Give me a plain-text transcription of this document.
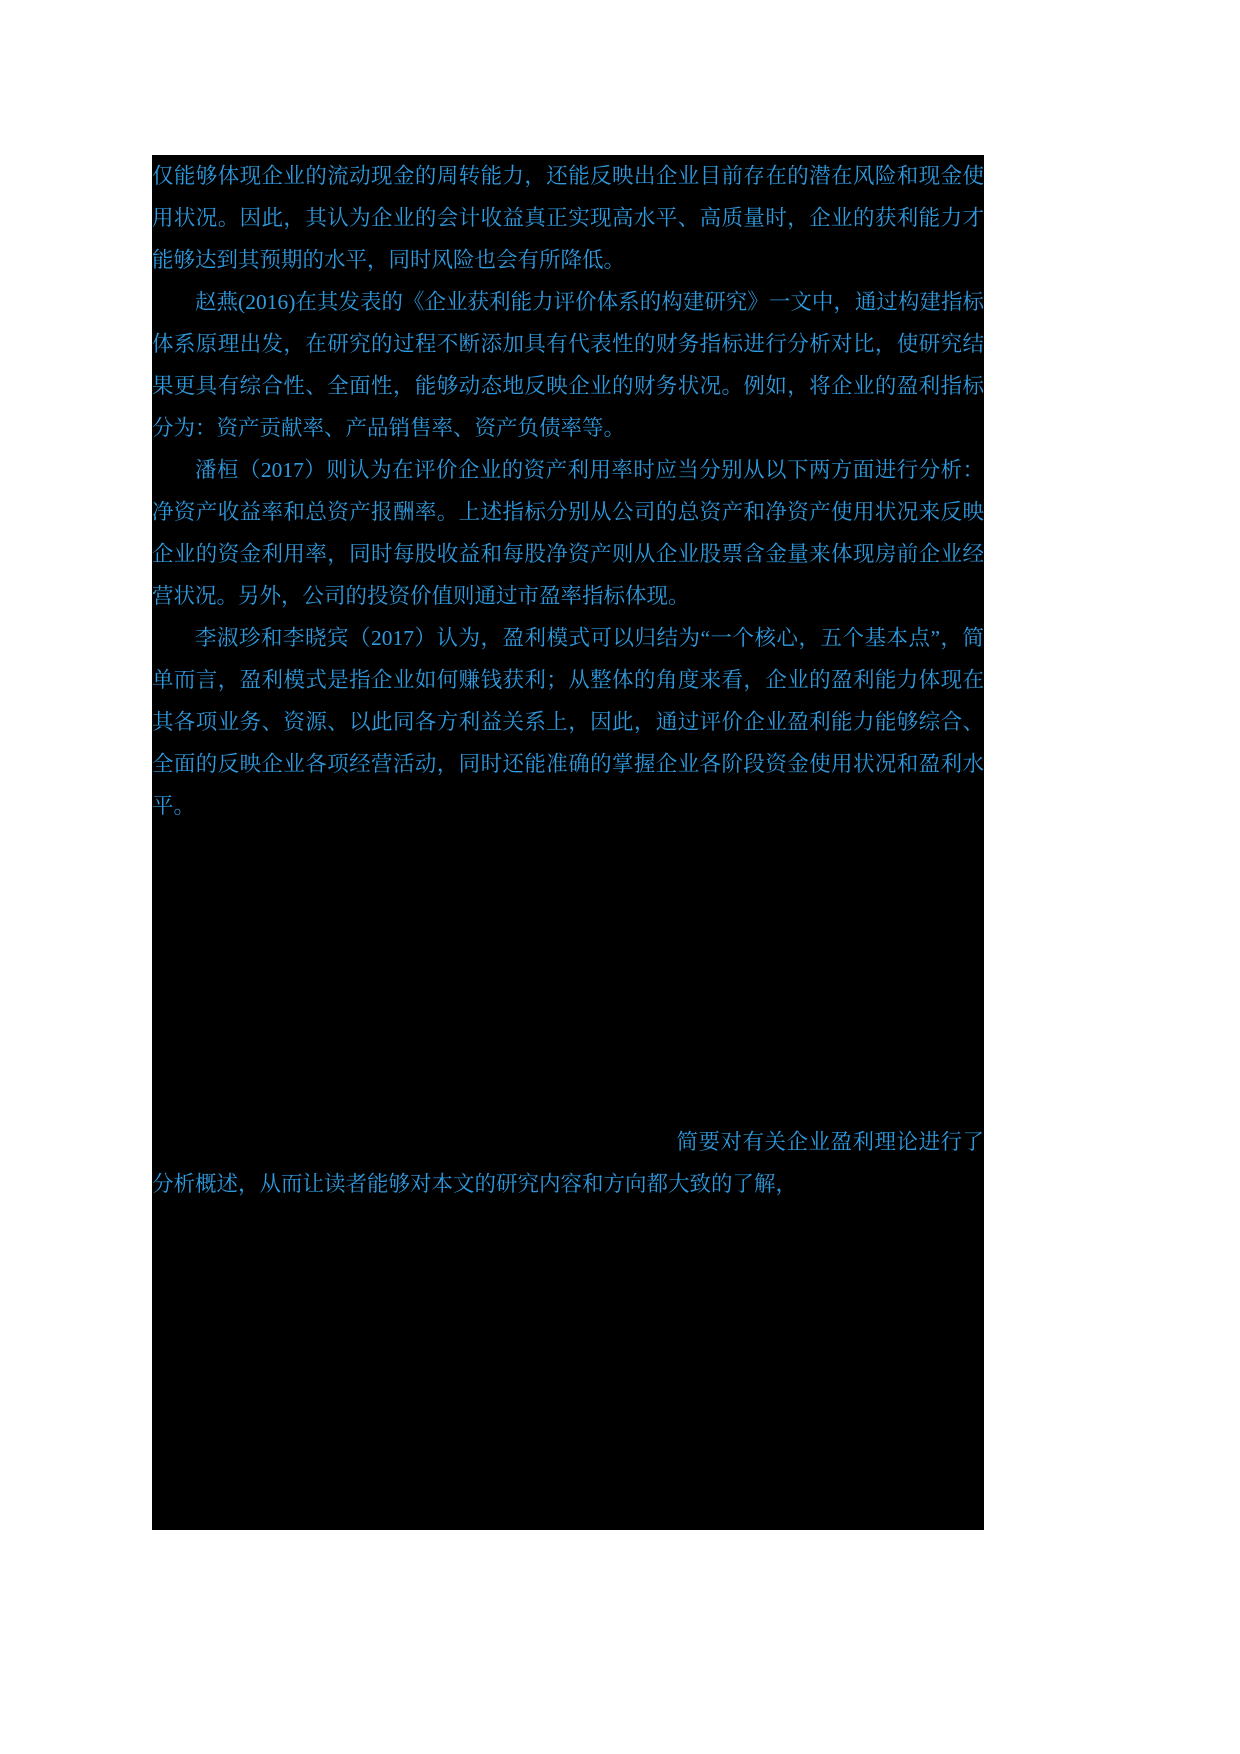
仅能够体现企业的流动现金的周转能力，还能反映出企业目前存在的潜在风险和现金使用状况。因此，其认为企业的会计收益真正实现高水平、高质量时，企业的获利能力才能够达到其预期的水平，同时风险也会有所降低。

赵燕(2016)在其发表的《企业获利能力评价体系的构建研究》一文中，通过构建指标体系原理出发，在研究的过程不断添加具有代表性的财务指标进行分析对比，使研究结果更具有综合性、全面性，能够动态地反映企业的财务状况。例如，将企业的盈利指标分为：资产贡献率、产品销售率、资产负债率等。

潘桓（2017）则认为在评价企业的资产利用率时应当分别从以下两方面进行分析：净资产收益率和总资产报酬率。上述指标分别从公司的总资产和净资产使用状况来反映企业的资金利用率，同时每股收益和每股净资产则从企业股票含金量来体现房前企业经营状况。另外，公司的投资价值则通过市盈率指标体现。

李淑珍和李晓宾（2017）认为，盈利模式可以归结为“一个核心，五个基本点”，简单而言，盈利模式是指企业如何赚钱获利；从整体的角度来看，企业的盈利能力体现在其各项业务、资源、以此同各方利益关系上，因此，通过评价企业盈利能力能够综合、全面的反映企业各项经营活动，同时还能准确的掌握企业各阶段资金使用状况和盈利水平。

简要对有关企业盈利理论进行了分析概述，从而让读者能够对本文的研究内容和方向都大致的了解，
